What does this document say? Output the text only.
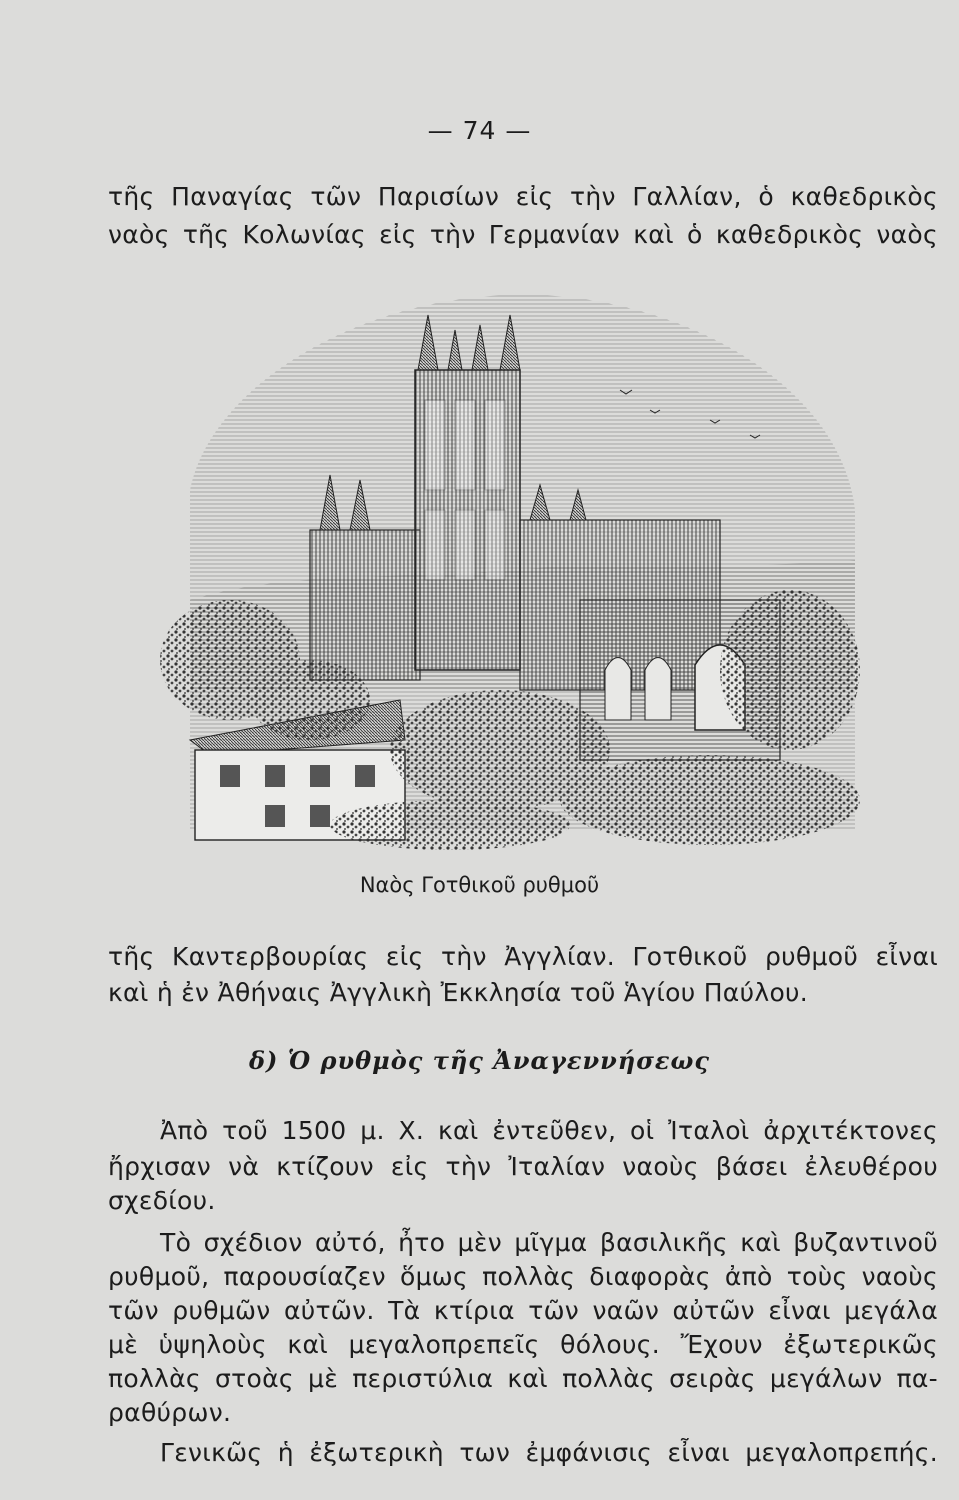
— 74 —
τῆς Παναγίας τῶν Παρισίων εἰς τὴν Γαλλίαν, ὁ καθεδρικὸς
ναὸς τῆς Κολωνίας εἰς τὴν Γερμανίαν καὶ ὁ καθεδρικὸς ναὸς
Ναὸς Γοτθικοῦ ρυθμοῦ
τῆς Καντερβουρίας εἰς τὴν Ἀγγλίαν. Γοτθικοῦ ρυθμοῦ εἶναι
καὶ ἡ ἐν Ἀθήναις Ἀγγλικὴ Ἐκκλησία τοῦ Ἁγίου Παύλου.
δ) Ὁ ρυθμὸς τῆς Ἀναγεννήσεως
Ἀπὸ τοῦ 1500 μ. Χ. καὶ ἐντεῦθεν, οἱ Ἰταλοὶ ἀρχιτέκτονες
ἤρχισαν νὰ κτίζουν εἰς τὴν Ἰταλίαν ναοὺς βάσει ἐλευθέρου
σχεδίου.
Τὸ σχέδιον αὐτό, ἦτο μὲν μῖγμα βασιλικῆς καὶ βυζαντινοῦ
ρυθμοῦ, παρουσίαζεν ὅμως πολλὰς διαφορὰς ἀπὸ τοὺς ναοὺς
τῶν ρυθμῶν αὐτῶν. Τὰ κτίρια τῶν ναῶν αὐτῶν εἶναι μεγάλα
μὲ ὑψηλοὺς καὶ μεγαλοπρεπεῖς θόλους. Ἔχουν ἐξωτερικῶς
πολλὰς στοὰς μὲ περιστύλια καὶ πολλὰς σειρὰς μεγάλων πα-
ραθύρων.
Γενικῶς ἡ ἐξωτερικὴ των ἐμφάνισις εἶναι μεγαλοπρεπής.
